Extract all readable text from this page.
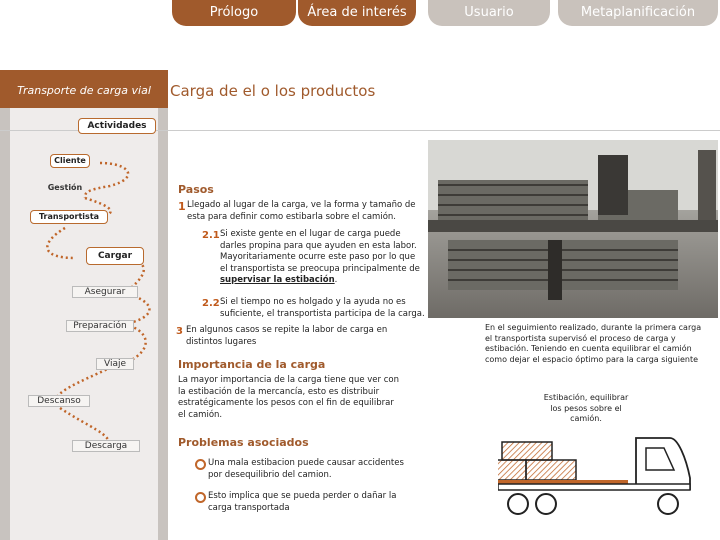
Prólogo	Área de interés	Usuario	Metaplanificación
Transporte de carga vial	Carga de el o los productos
Actividades
Cliente
Gestión
Transportista
Cargar
Asegurar
Preparación
Viaje
Descanso
Descarga
Pasos
1 Llegado al lugar de la carga, ve la forma y tamaño de esta para definir como estibarla sobre el camión.
2.1 Si existe gente en el lugar de carga puede darles propina para que ayuden en esta labor. Mayoritariamente ocurre este paso por lo que el transportista se preocupa principalmente de supervisar la estibación.
2.2 Si el tiempo no es holgado y la ayuda no es suficiente, el transportista participa de la carga.
3 En algunos casos se repite la labor de carga en distintos lugares
Importancia de la carga
La mayor importancia de la carga tiene que ver con la estibación de la mercancía, esto es distribuir estratégicamente los pesos con el fin de equilibrar el camión.
Problemas asociados
Una mala estibacion puede causar accidentes por desequilibrio del camion.
Esto implica que se pueda perder o dañar la carga transportada
En el seguimiento realizado, durante la primera carga el transportista supervisó el proceso de carga y estibación. Teniendo en cuenta equilibrar el camión como dejar el espacio óptimo para la carga siguiente
Estibación, equilibrar los pesos sobre el camión.
